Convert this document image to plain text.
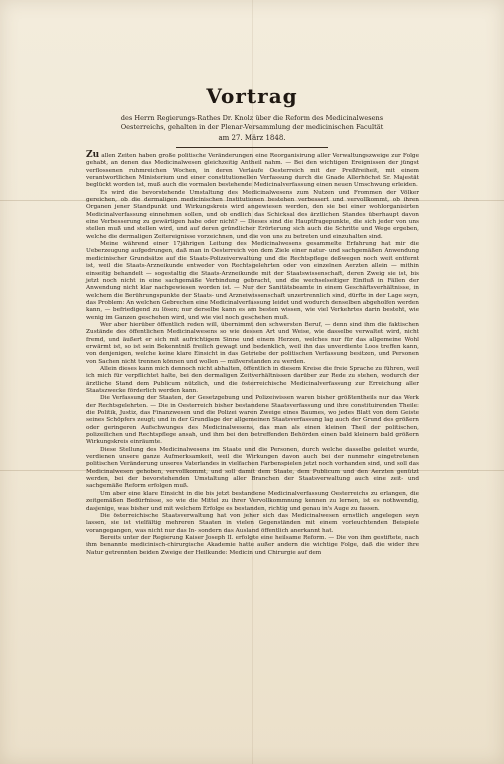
Vortrag

des Herrn Regierungs-Rathes Dr. Knolz über die Reform des Medicinalwesens

Oesterreichs, gehalten in der Plenar-Versammlung der medicinischen Facultät

am 27. März 1848.

Zu allen Zeiten haben große politische Veränderungen eine Reorganisirung aller Verwaltungszweige zur Folge gehabt, an denen das Medicinalwesen gleichzeitig Antheil nahm. — Bei den wichtigen Ereignissen der jüngst verflossenen ruhmreichen Wochen, in deren Verlaufe Oesterreich mit der Preßfreiheit, mit einem verantwortlichen Ministerium und einer constitutionellen Verfassung durch die Gnade Allerhöchst Sr. Majestät beglückt worden ist, muß auch die vormalen bestehende Medicinalverfassung einen neuen Umschwung erleiden.

Es wird die bevorstehende Umstaltung des Medicinalwesens zum Nutzen und Frommen der Völker gereichen, ob die dermaligen medicinischen Institutionen bestehen verbessert und vervollkommt, ob ihren Organen jener Standpunkt und Wirkungskreis wird angewiesen werden, den sie bei einer wohlorganisirten Medicinalverfassung einnehmen sollen, und ob endlich das Schicksal des ärztlichen Standes überhaupt davon eine Verbesserung zu gewärtigen habe oder nicht? — Dieses sind die Hauptfragepunkte, die sich jeder von uns stellen muß und stellen wird, und auf deren gründlicher Erörterung sich auch die Schritte und Wege ergeben, welche die dermaligen Zeitereignisse vorzeichnen, und die von uns zu betreten und einzuhalten sind.

Meine während einer 17jährigen Leitung des Medicinalwesens gesammelte Erfahrung hat mir die Ueberzeugung aufgedrungen, daß man in Oesterreich von dem Ziele einer natur- und sachgemäßen Anwendung medicinischer Grundsätze auf die Staats-Polizeiverwaltung und die Rechtspflege deßwegen noch weit entfernt ist, weil die Staats-Arzneikunde entweder von Rechtsgelehrten oder von einzelnen Aerzten allein — mithin einseitig behandelt — sogestaltig die Staats-Arzneikunde mit der Staatswissenschaft, deren Zweig sie ist, bis jetzt noch nicht in eine sachgemäße Verbindung gebracht, und die wechselseitiger Einfluß in Fällen der Anwendung nicht klar nachgewiesen worden ist. — Nur der Sanitätsbeamte in einem Geschäftsverhältnisse, in welchem die Berührungspunkte der Staats- und Arzneiwissenschaft unzertrennlich sind, dürfte in der Lage seyn, das Problem: An welchen Gebrechen eine Medicinalverfassung leidet und wodurch denselben abgeholfen werden kann, — befriedigend zu lösen; nur derselbe kann es am besten wissen, wie viel Verkehrtes darin besteht, wie wenig im Ganzen geschehen wird, und wie viel noch geschehen muß.

Wer aber hierüber öffentlich reden will, übernimmt den schwersten Beruf, — denn sind ihm die faktischen Zustände des öffentlichen Medicinalwesens so wie dessen Art und Weise, wie dasselbe verwaltet wird, nicht fremd, und äußert er sich mit aufrichtigem Sinne und einem Herzen, welches nur für das allgemeine Wohl erwärmt ist, so ist sein Bekenntniß freilich gewagt und bedenklich, weil ihn das unverdiente Loos treffen kann, von denjenigen, welche keine klare Einsicht in das Getriebe der politischen Verfassung besitzen, und Personen von Sachen nicht trennen können und wollen — mißverstanden zu werden.

Allein dieses kann mich dennoch nicht abhalten, öffentlich in diesem Kreise die freie Sprache zu führen, weil ich mich für verpflichtet halte, bei den dermaligen Zeitverhältnissen darüber zur Rede zu stehen, wodurch der ärztliche Stand dem Publicum nützlich, und die österreichische Medicinalverfassung zur Erreichung aller Staatszwecke förderlich werden kann.

Die Verfassung der Staaten, der Gesetzgebung und Polizeiwissen waren bisher größtentheils nur das Werk der Rechtsgelehrten. — Die in Oesterreich bisher bestandene Staatsverfassung und ihre constituirenden Theile: die Politik, Justiz, das Finanzwesen und die Polizei waren Zweige eines Baumes, wo jedes Blatt von dem Geiste seines Schöpfers zeugt; und in der Grundlage der allgemeinen Staatsverfassung lag auch der Grund des größern oder geringeren Aufschwunges des Medicinalwesens, das man als einen kleinen Theil der politischen, polizeilichen und Rechtspflege ansah, und ihm bei den betreffenden Behörden einen bald kleinern bald größern Wirkungskreis einräumte.

Diese Stellung des Medicinalwesens im Staate und die Personen, durch welche dasselbe geleitet wurde, verdienen unsere ganze Aufmerksamkeit, weil die Wirkungen davon auch bei der nunmehr eingetretenen politischen Veränderung unseres Vaterlandes in vielfachen Farbenspielen jetzt noch vorhanden sind, und soll das Medicinalwesen gehoben, vervollkommt, und soll damit dem Staate, dem Publicum und den Aerzten genützt werden, bei der bevorstehenden Umstaltung aller Branchen der Staatsverwaltung auch eine zeit- und sachgemäße Reform erfolgen muß.

Um aber eine klare Einsicht in die bis jetzt bestandene Medicinalverfassung Oesterreichs zu erlangen, die zeitgemäßen Bedürfnisse, so wie die Mittel zu ihrer Vervollkommnung kennen zu lernen, ist es nothwendig, dasjenige, was bisher und mit welchem Erfolge es bestanden, richtig und genau in's Auge zu fassen.

Die österreichische Staatsverwaltung hat von jeher sich das Medicinalwesen ernstlich angelegen seyn lassen, sie ist vielfältig mehreren Staaten in vielen Gegenständen mit einem vorleuchtenden Beispiele vorangegangen, was nicht nur das In- sondern das Ausland öffentlich anerkannt hat.

Bereits unter der Regierung Kaiser Joseph II. erfolgte eine heilsame Reform. — Die von ihm gestiftete, nach ihm benannte medicinisch-chirurgische Akademie hatte außer andern die wichtige Folge, daß die wider ihre Natur getrennten beiden Zweige der Heilkunde: Medicin und Chirurgie auf dem
